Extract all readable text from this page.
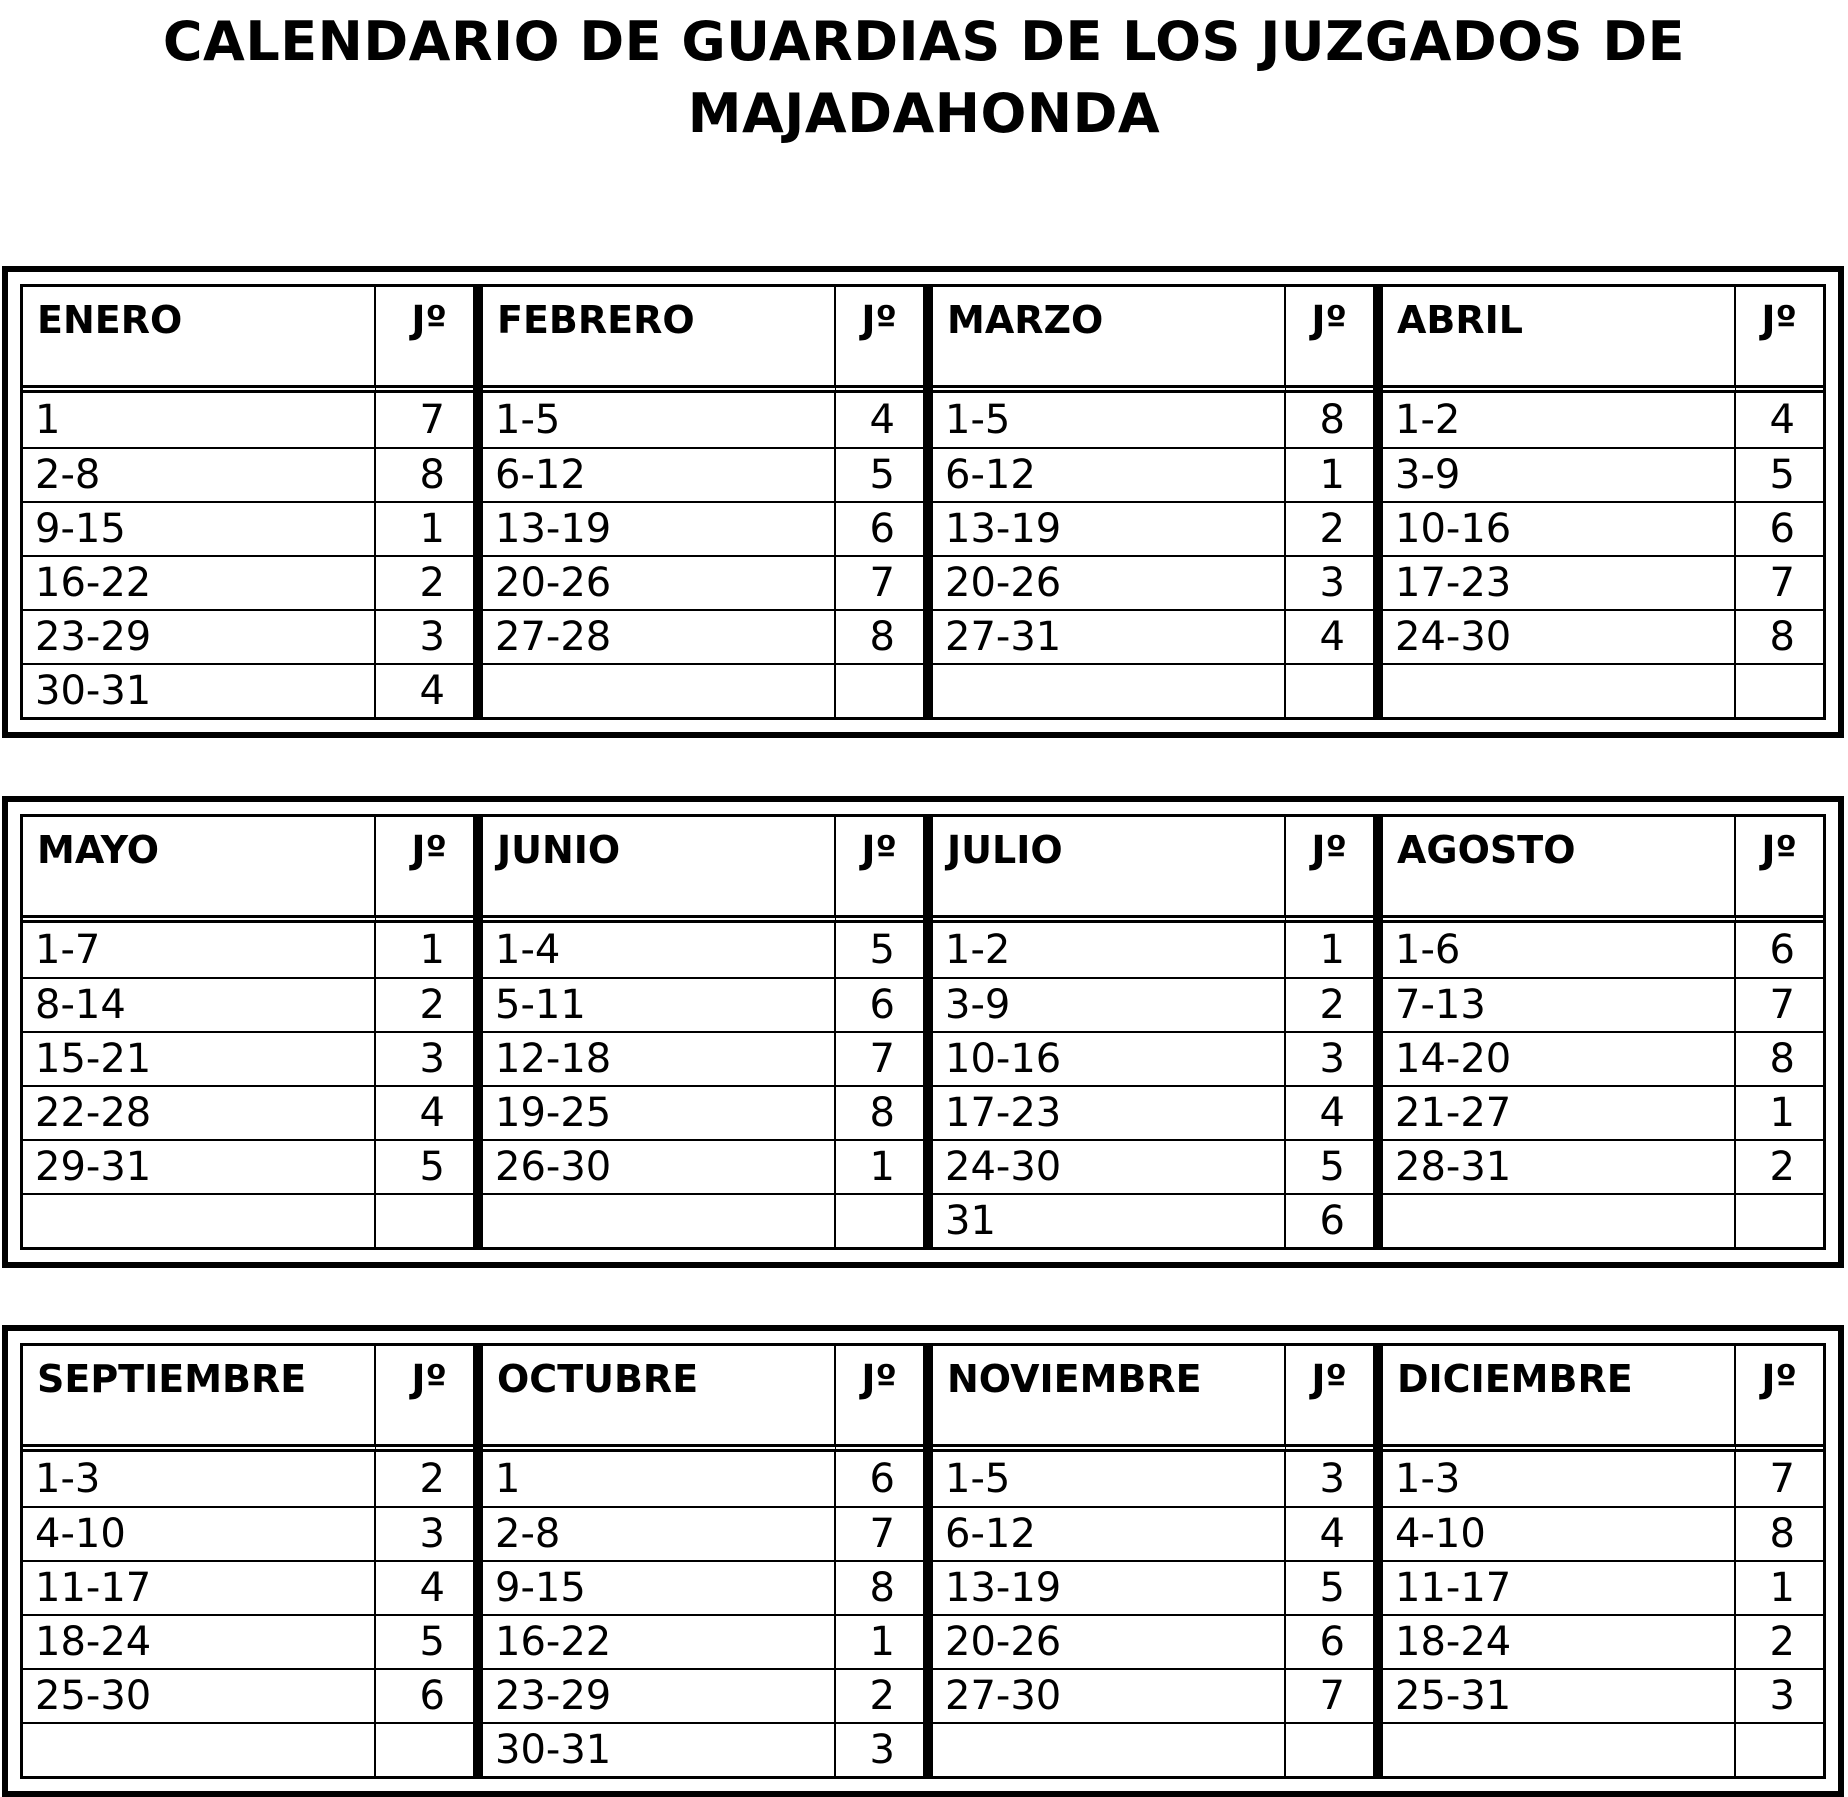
CALENDARIO DE GUARDIAS DE LOS JUZGADOS DE
MAJADAHONDA
ENERO	Jº
1	7
2-8	8
9-15	1
16-22	2
23-29	3
30-31	4
FEBRERO	Jº
1-5	4
6-12	5
13-19	6
20-26	7
27-28	8
MARZO	Jº
1-5	8
6-12	1
13-19	2
20-26	3
27-31	4
ABRIL	Jº
1-2	4
3-9	5
10-16	6
17-23	7
24-30	8
MAYO	Jº
1-7	1
8-14	2
15-21	3
22-28	4
29-31	5
JUNIO	Jº
1-4	5
5-11	6
12-18	7
19-25	8
26-30	1
JULIO	Jº
1-2	1
3-9	2
10-16	3
17-23	4
24-30	5
31	6
AGOSTO	Jº
1-6	6
7-13	7
14-20	8
21-27	1
28-31	2
SEPTIEMBRE	Jº
1-3	2
4-10	3
11-17	4
18-24	5
25-30	6
OCTUBRE	Jº
1	6
2-8	7
9-15	8
16-22	1
23-29	2
30-31	3
NOVIEMBRE	Jº
1-5	3
6-12	4
13-19	5
20-26	6
27-30	7
DICIEMBRE	Jº
1-3	7
4-10	8
11-17	1
18-24	2
25-31	3
